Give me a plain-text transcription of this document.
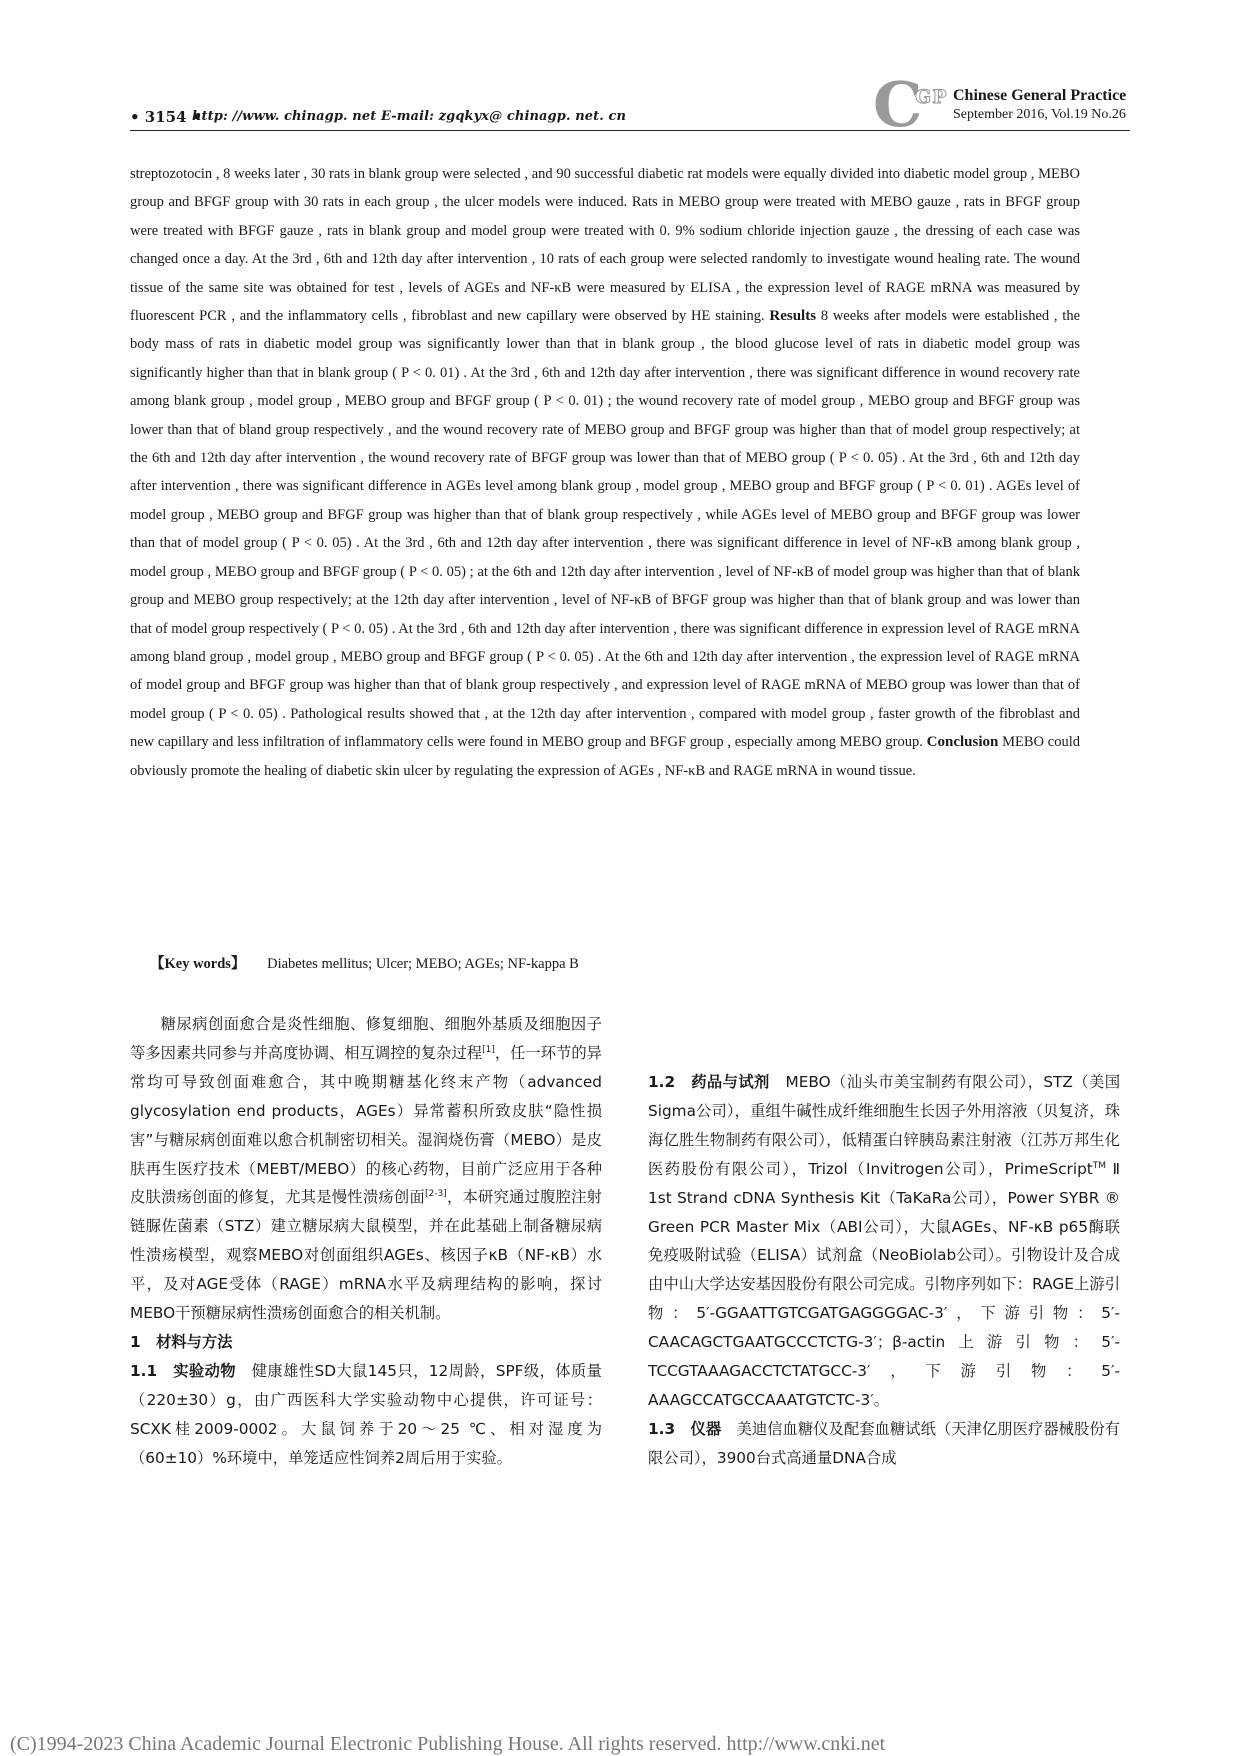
• 3154 •
http: //www. chinagp. net E-mail: zgqkyx@ chinagp. net. cn	C
GP Chinese General Practice
September 2016, Vol.19 No.26

streptozotocin , 8 weeks later , 30 rats in blank group were selected , and 90 successful diabetic rat models were equally divided into diabetic model group , MEBO group and BFGF group with 30 rats in each group , the ulcer models were induced. Rats in MEBO group were treated with MEBO gauze , rats in BFGF group were treated with BFGF gauze , rats in blank group and model group were treated with 0. 9% sodium chloride injection gauze , the dressing of each case was changed once a day. At the 3rd , 6th and 12th day after intervention , 10 rats of each group were selected randomly to investigate wound healing rate. The wound tissue of the same site was obtained for test , levels of AGEs and NF-κB were measured by ELISA , the expression level of RAGE mRNA was measured by fluorescent PCR , and the inflammatory cells , fibroblast and new capillary were observed by HE staining. Results 8 weeks after models were established , the body mass of rats in diabetic model group was significantly lower than that in blank group , the blood glucose level of rats in diabetic model group was significantly higher than that in blank group ( P < 0. 01) . At the 3rd , 6th and 12th day after intervention , there was significant difference in wound recovery rate among blank group , model group , MEBO group and BFGF group ( P < 0. 01) ; the wound recovery rate of model group , MEBO group and BFGF group was lower than that of bland group respectively , and the wound recovery rate of MEBO group and BFGF group was higher than that of model group respectively; at the 6th and 12th day after intervention , the wound recovery rate of BFGF group was lower than that of MEBO group ( P < 0. 05) . At the 3rd , 6th and 12th day after intervention , there was significant difference in AGEs level among blank group , model group , MEBO group and BFGF group ( P < 0. 01) . AGEs level of model group , MEBO group and BFGF group was higher than that of blank group respectively , while AGEs level of MEBO group and BFGF group was lower than that of model group ( P < 0. 05) . At the 3rd , 6th and 12th day after intervention , there was significant difference in level of NF-κB among blank group , model group , MEBO group and BFGF group ( P < 0. 05) ; at the 6th and 12th day after intervention , level of NF-κB of model group was higher than that of blank group and MEBO group respectively; at the 12th day after intervention , level of NF-κB of BFGF group was higher than that of blank group and was lower than that of model group respectively ( P < 0. 05) . At the 3rd , 6th and 12th day after intervention , there was significant difference in expression level of RAGE mRNA among bland group , model group , MEBO group and BFGF group ( P < 0. 05) . At the 6th and 12th day after intervention , the expression level of RAGE mRNA of model group and BFGF group was higher than that of blank group respectively , and expression level of RAGE mRNA of MEBO group was lower than that of model group ( P < 0. 05) . Pathological results showed that , at the 12th day after intervention , compared with model group , faster growth of the fibroblast and new capillary and less infiltration of inflammatory cells were found in MEBO group and BFGF group , especially among MEBO group. Conclusion MEBO could obviously promote the healing of diabetic skin ulcer by regulating the expression of AGEs , NF-κB and RAGE mRNA in wound tissue.

【Key words】 Diabetes mellitus; Ulcer; MEBO; AGEs; NF-kappa B

糖尿病创面愈合是炎性细胞、修复细胞、细胞外基质及细胞因子等多因素共同参与并高度协调、相互调控的复杂过程[1]，任一环节的异常均可导致创面难愈合，其中晚期糖基化终末产物（advanced glycosylation end products，AGEs）异常蓄积所致皮肤“隐性损害”与糖尿病创面难以愈合机制密切相关。湿润烧伤膏（MEBO）是皮肤再生医疗技术（MEBT/MEBO）的核心药物，目前广泛应用于各种皮肤溃疡创面的修复，尤其是慢性溃疡创面[2-3]，本研究通过腹腔注射链脲佐菌素（STZ）建立糖尿病大鼠模型，并在此基础上制备糖尿病性溃疡模型，观察MEBO对创面组织AGEs、核因子κB（NF-κB）水平，及对AGE受体（RAGE）mRNA水平及病理结构的影响，探讨MEBO干预糖尿病性溃疡创面愈合的相关机制。

1　材料与方法

1.1　实验动物　 健康雄性SD大鼠145只，12周龄，SPF级，体质量（220±30）g，由广西医科大学实验动物中心提供，许可证号：SCXK桂2009-0002。大鼠饲养于20～25 ℃、相对湿度为（60±10）%环境中，单笼适应性饲养2周后用于实验。

1.2　药品与试剂　 MEBO（汕头市美宝制药有限公司），STZ（美国Sigma公司），重组牛碱性成纤维细胞生长因子外用溶液（贝复济，珠海亿胜生物制药有限公司），低精蛋白锌胰岛素注射液（江苏万邦生化医药股份有限公司），Trizol（Invitrogen公司），PrimeScript™ Ⅱ 1st Strand cDNA Synthesis Kit（TaKaRa公司），Power SYBR ® Green PCR Master Mix（ABI公司），大鼠AGEs、NF-κB p65酶联免疫吸附试验（ELISA）试剂盒（NeoBiolab公司）。引物设计及合成由中山大学达安基因股份有限公司完成。引物序列如下：RAGE上游引物：5′-GGAATTGTCGATGAGGGGAC-3′，下游引物：5′-CAACAGCTGAATGCCCTCTG-3′；β-actin上游引物：5′-TCCGTAAAGACCTCTATGCC-3′，下游引物：5′-AAAGCCATGCCAAATGTCTC-3′。

1.3　仪器　 美迪信血糖仪及配套血糖试纸（天津亿朋医疗器械股份有限公司），3900台式高通量DNA合成

(C)1994-2023 China Academic Journal Electronic Publishing House. All rights reserved. http://www.cnki.net
